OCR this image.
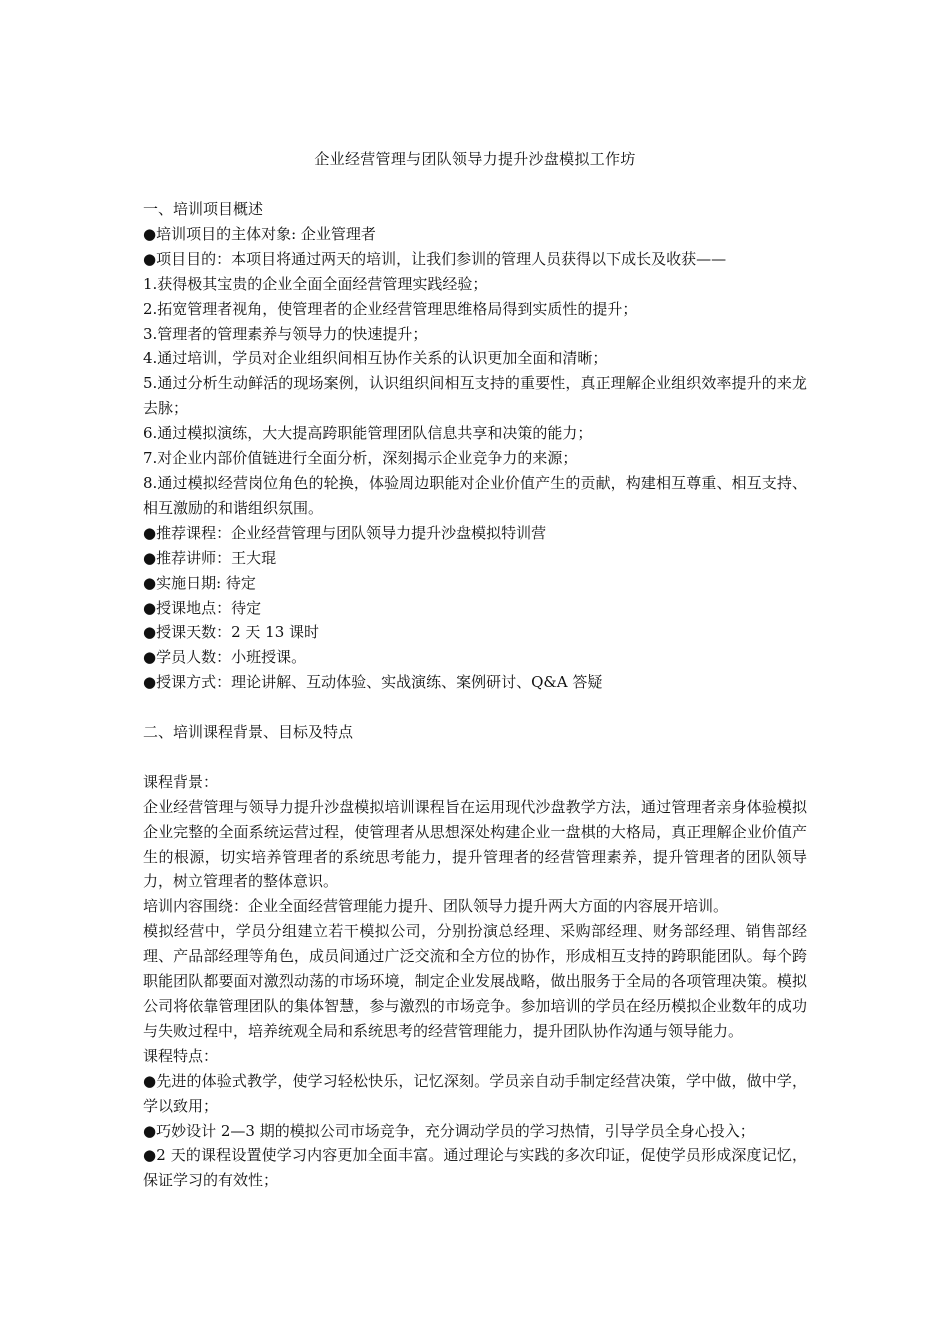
企业经营管理与团队领导力提升沙盘模拟工作坊
一、培训项目概述
●培训项目的主体对象: 企业管理者
●项目目的：本项目将通过两天的培训，让我们参训的管理人员获得以下成长及收获——
1.获得极其宝贵的企业全面全面经营管理实践经验；
2.拓宽管理者视角，使管理者的企业经营管理思维格局得到实质性的提升；
3.管理者的管理素养与领导力的快速提升；
4.通过培训，学员对企业组织间相互协作关系的认识更加全面和清晰；
5.通过分析生动鲜活的现场案例，认识组织间相互支持的重要性，真正理解企业组织效率提升的来龙去脉；
6.通过模拟演练，大大提高跨职能管理团队信息共享和决策的能力；
7.对企业内部价值链进行全面分析，深刻揭示企业竞争力的来源；
8.通过模拟经营岗位角色的轮换，体验周边职能对企业价值产生的贡献，构建相互尊重、相互支持、相互激励的和谐组织氛围。
●推荐课程：企业经营管理与团队领导力提升沙盘模拟特训营
●推荐讲师：王大琨
●实施日期: 待定
●授课地点：待定
●授课天数：2 天 13 课时
●学员人数：小班授课。
●授课方式：理论讲解、互动体验、实战演练、案例研讨、Q&A 答疑
二、培训课程背景、目标及特点
课程背景：
企业经营管理与领导力提升沙盘模拟培训课程旨在运用现代沙盘教学方法，通过管理者亲身体验模拟企业完整的全面系统运营过程，使管理者从思想深处构建企业一盘棋的大格局，真正理解企业价值产生的根源，切实培养管理者的系统思考能力，提升管理者的经营管理素养，提升管理者的团队领导力，树立管理者的整体意识。
培训内容围绕：企业全面经营管理能力提升、团队领导力提升两大方面的内容展开培训。
模拟经营中，学员分组建立若干模拟公司，分别扮演总经理、采购部经理、财务部经理、销售部经理、产品部经理等角色，成员间通过广泛交流和全方位的协作，形成相互支持的跨职能团队。每个跨职能团队都要面对激烈动荡的市场环境，制定企业发展战略，做出服务于全局的各项管理决策。模拟公司将依靠管理团队的集体智慧，参与激烈的市场竞争。参加培训的学员在经历模拟企业数年的成功与失败过程中，培养统观全局和系统思考的经营管理能力，提升团队协作沟通与领导能力。
课程特点：
●先进的体验式教学，使学习轻松快乐，记忆深刻。学员亲自动手制定经营决策，学中做，做中学，学以致用；
●巧妙设计 2—3 期的模拟公司市场竞争，充分调动学员的学习热情，引导学员全身心投入；
●2 天的课程设置使学习内容更加全面丰富。通过理论与实践的多次印证，促使学员形成深度记忆，保证学习的有效性；
